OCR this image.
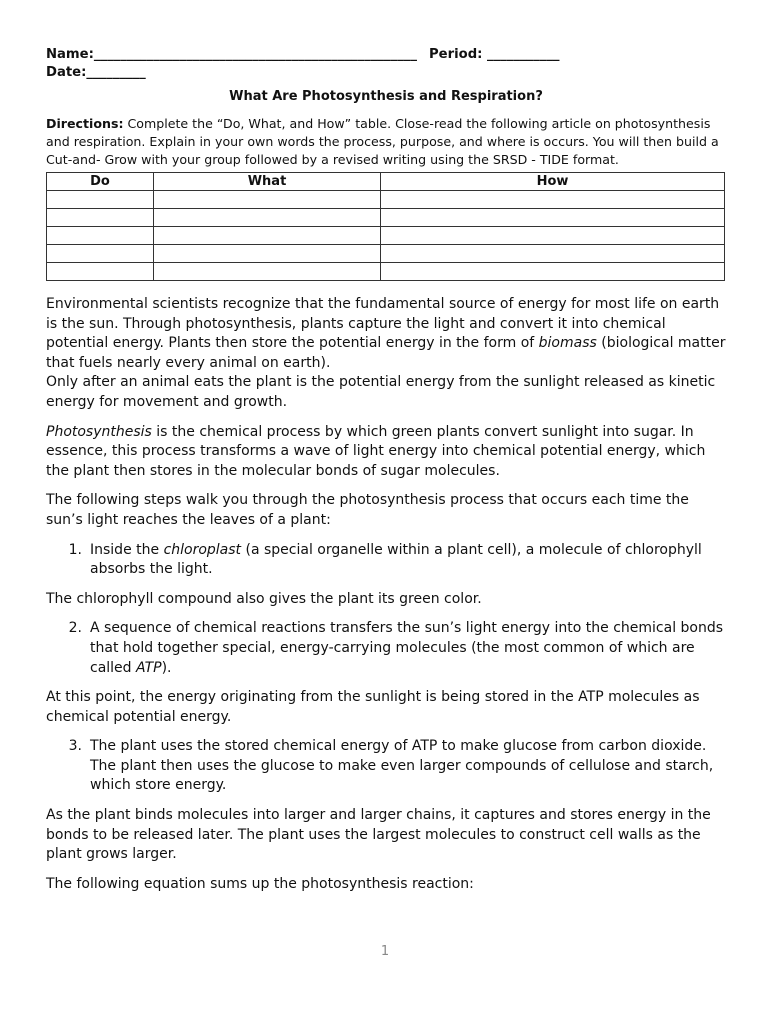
Name:_________________________________________________ Period: ___________
Date:_________
What Are Photosynthesis and Respiration?
Directions: Complete the “Do, What, and How” table. Close-read the following article on photosynthesis and respiration. Explain in your own words the process, purpose, and where is occurs. You will then build a Cut-and- Grow with your group followed by a revised writing using the SRSD - TIDE format.
Do	What	How

Environmental scientists recognize that the fundamental source of energy for most life on earth is the sun. Through photosynthesis, plants capture the light and convert it into chemical potential energy. Plants then store the potential energy in the form of biomass (biological matter that fuels nearly every animal on earth).
Only after an animal eats the plant is the potential energy from the sunlight released as kinetic energy for movement and growth.
Photosynthesis is the chemical process by which green plants convert sunlight into sugar. In essence, this process transforms a wave of light energy into chemical potential energy, which the plant then stores in the molecular bonds of sugar molecules.
The following steps walk you through the photosynthesis process that occurs each time the sun’s light reaches the leaves of a plant:
1. Inside the chloroplast (a special organelle within a plant cell), a molecule of chlorophyll absorbs the light.
The chlorophyll compound also gives the plant its green color.
2. A sequence of chemical reactions transfers the sun’s light energy into the chemical bonds that hold together special, energy-carrying molecules (the most common of which are called ATP).
At this point, the energy originating from the sunlight is being stored in the ATP molecules as chemical potential energy.
3. The plant uses the stored chemical energy of ATP to make glucose from carbon dioxide. The plant then uses the glucose to make even larger compounds of cellulose and starch, which store energy.
As the plant binds molecules into larger and larger chains, it captures and stores energy in the bonds to be released later. The plant uses the largest molecules to construct cell walls as the plant grows larger.
The following equation sums up the photosynthesis reaction:
1
